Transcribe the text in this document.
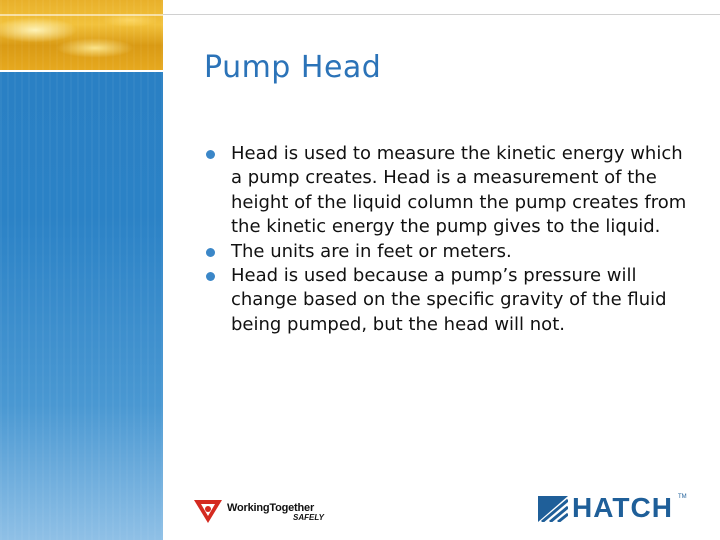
Pump Head
Head is used to measure the kinetic energy which a pump creates. Head is a measurement of the height of the liquid column the pump creates from the kinetic energy the pump gives to the liquid.
The units are in feet or meters.
Head is used because a pump’s pressure will change based on the specific gravity of the fluid being pumped, but the head will not.
WorkingTogether
SAFELY	HATCH TM
